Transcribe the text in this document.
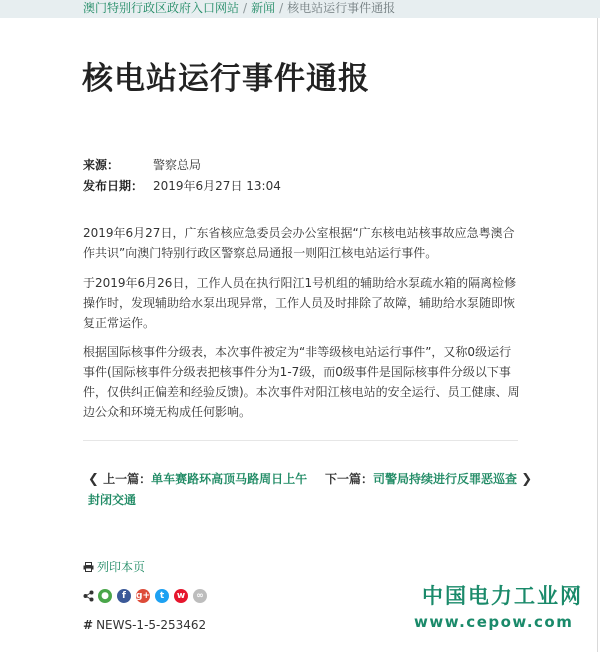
澳门特别行政区政府入口网站 / 新闻 / 核电站运行事件通报
核电站运行事件通报
来源：	警察总局
发布日期： 2019年6月27日 13:04

2019年6月27日，广东省核应急委员会办公室根据“广东核电站核事故应急粤澳合作共识”向澳门特别行政区警察总局通报一则阳江核电站运行事件。

于2019年6月26日，工作人员在执行阳江1号机组的辅助给水泵疏水箱的隔离检修操作时，发现辅助给水泵出现异常，工作人员及时排除了故障，辅助给水泵随即恢复正常运作。

根据国际核事件分级表，本次事件被定为“非等级核电站运行事件”，又称0级运行事件(国际核事件分级表把核事件分为1-7级，而0级事件是国际核事件分级以下事件，仅供纠正偏差和经验反馈)。本次事件对阳江核电站的安全运行、员工健康、周边公众和环境无构成任何影响。

❮ 上一篇：单车赛路环高顶马路周日上午
封闭交通
下一篇：司警局持续进行反罪恶巡查 ❯
列印本页
●	f	g+	t	w	∞
# NEWS-1-5-253462
中国电力工业网
www.cepow.com
